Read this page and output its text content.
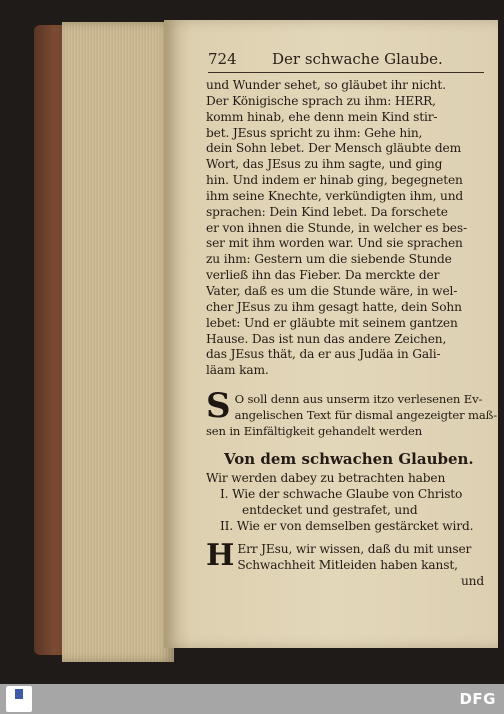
724 Der schwache Glaube.
und Wunder sehet, so gläubet ihr nicht.
Der Königische sprach zu ihm: HERR,
komm hinab, ehe denn mein Kind stir-
bet. JEsus spricht zu ihm: Gehe hin,
dein Sohn lebet. Der Mensch gläubte dem
Wort, das JEsus zu ihm sagte, und ging
hin. Und indem er hinab ging, begegneten
ihm seine Knechte, verkündigten ihm, und
sprachen: Dein Kind lebet. Da forschete
er von ihnen die Stunde, in welcher es bes-
ser mit ihm worden war. Und sie sprachen
zu ihm: Gestern um die siebende Stunde
verließ ihn das Fieber. Da merckte der
Vater, daß es um die Stunde wäre, in wel-
cher JEsus zu ihm gesagt hatte, dein Sohn
lebet: Und er gläubte mit seinem gantzen
Hause. Das ist nun das andere Zeichen,
das JEsus thät, da er aus Judäa in Gali-
läam kam.
S O soll denn aus unserm itzo verlesenen Ev-
angelischen Text für dismal angezeigter maß-
sen in Einfältigkeit gehandelt werden
Von dem schwachen Glauben.
Wir werden dabey zu betrachten haben
I. Wie der schwache Glaube von Christo
entdecket und gestrafet, und
II. Wie er von demselben gestärcket wird.
H Err JEsu, wir wissen, daß du mit unser
Schwachheit Mitleiden haben kanst,
und
DFG
